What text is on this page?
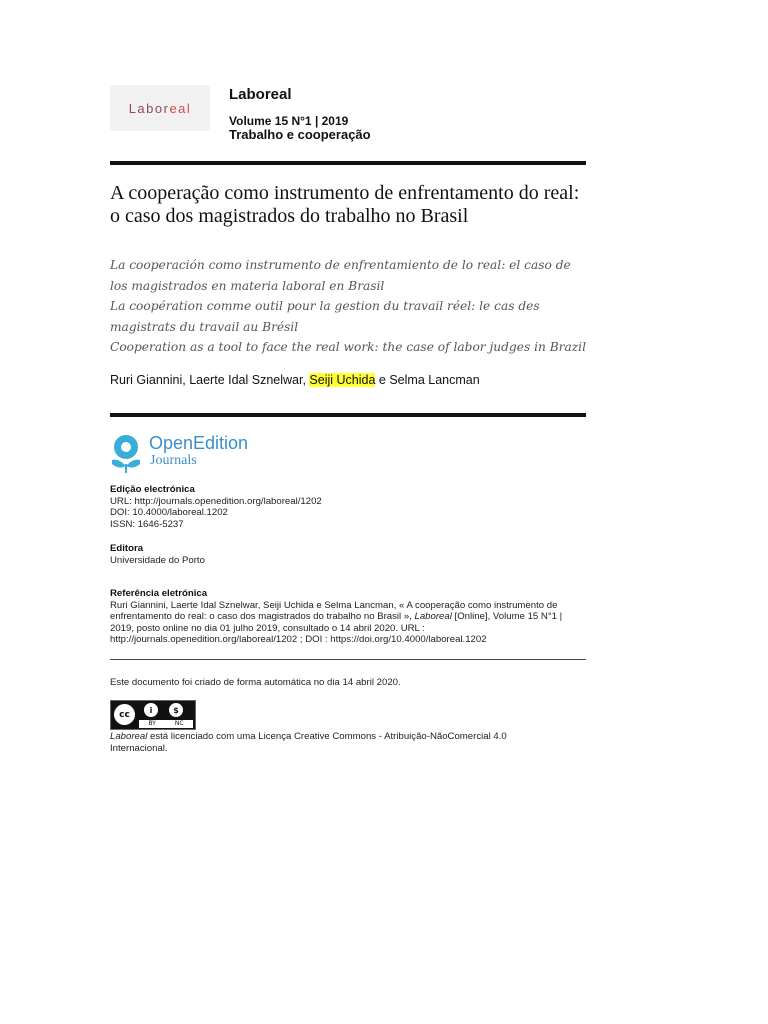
Laboreal
Laboreal
Volume 15 N°1 | 2019
Trabalho e cooperação
A cooperação como instrumento de enfrentamento do real: o caso dos magistrados do trabalho no Brasil
La cooperación como instrumento de enfrentamiento de lo real: el caso de los magistrados en materia laboral en Brasil
La coopération comme outil pour la gestion du travail réel: le cas des magistrats du travail au Brésil
Cooperation as a tool to face the real work: the case of labor judges in Brazil
Ruri Giannini, Laerte Idal Sznelwar, Seiji Uchida e Selma Lancman
OpenEdition
Journals
Edição electrónica
URL: http://journals.openedition.org/laboreal/1202
DOI: 10.4000/laboreal.1202
ISSN: 1646-5237
Editora
Universidade do Porto
Referência eletrónica
Ruri Giannini, Laerte Idal Sznelwar, Seiji Uchida e Selma Lancman, « A cooperação como instrumento de enfrentamento do real: o caso dos magistrados do trabalho no Brasil », Laboreal [Online], Volume 15 N°1 | 2019, posto online no dia 01 julho 2019, consultado o 14 abril 2020. URL : http://journals.openedition.org/laboreal/1202 ; DOI : https://doi.org/10.4000/laboreal.1202
Este documento foi criado de forma automática no dia 14 abril 2020.
cc	i	$
BY	NC
Laboreal está licenciado com uma Licença Creative Commons - Atribuição-NãoComercial 4.0 Internacional.
